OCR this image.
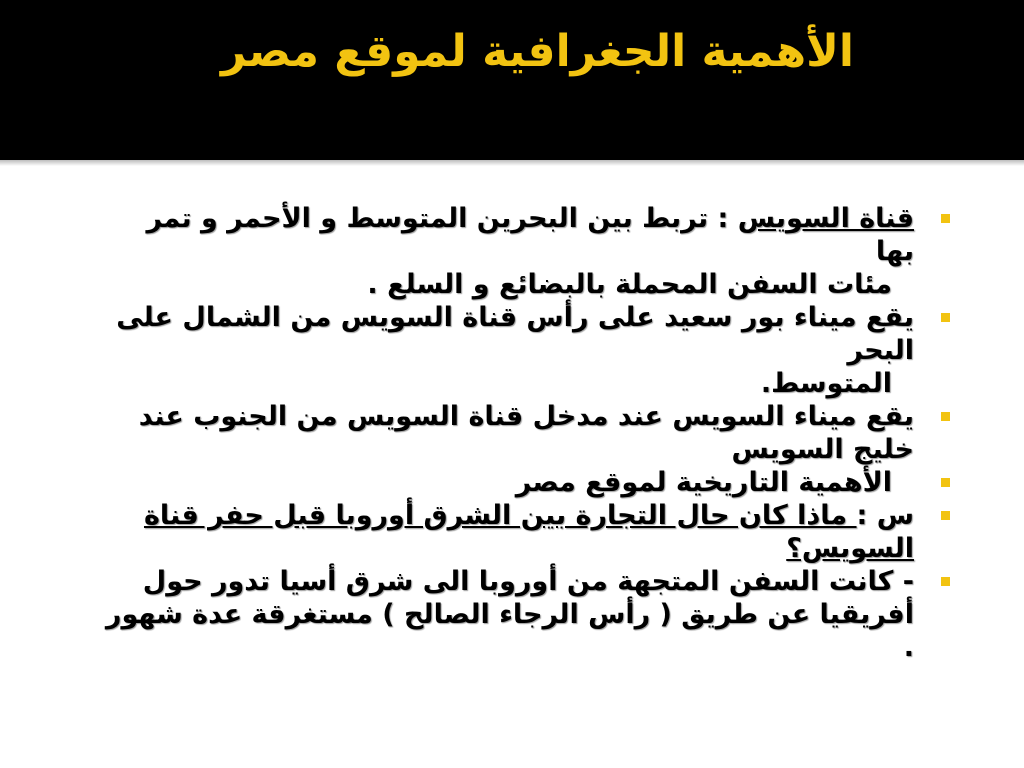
الأهمية الجغرافية لموقع مصر
قناة السويس : تربط بين البحرين المتوسط و الأحمر و تمر بها
مئات السفن المحملة بالبضائع و السلع .
يقع ميناء بور سعيد على رأس قناة السويس من الشمال على البحر
المتوسط.
يقع ميناء السويس عند مدخل قناة السويس من الجنوب عند خليج السويس
الأهمية التاريخية لموقع مصر
س : ماذا كان حال التجارة بين الشرق أوروبا قبل حفر قناة السويس؟
- كانت السفن المتجهة من أوروبا الى شرق أسيا تدور حول أفريقيا عن طريق ( رأس الرجاء الصالح ) مستغرقة عدة شهور .
